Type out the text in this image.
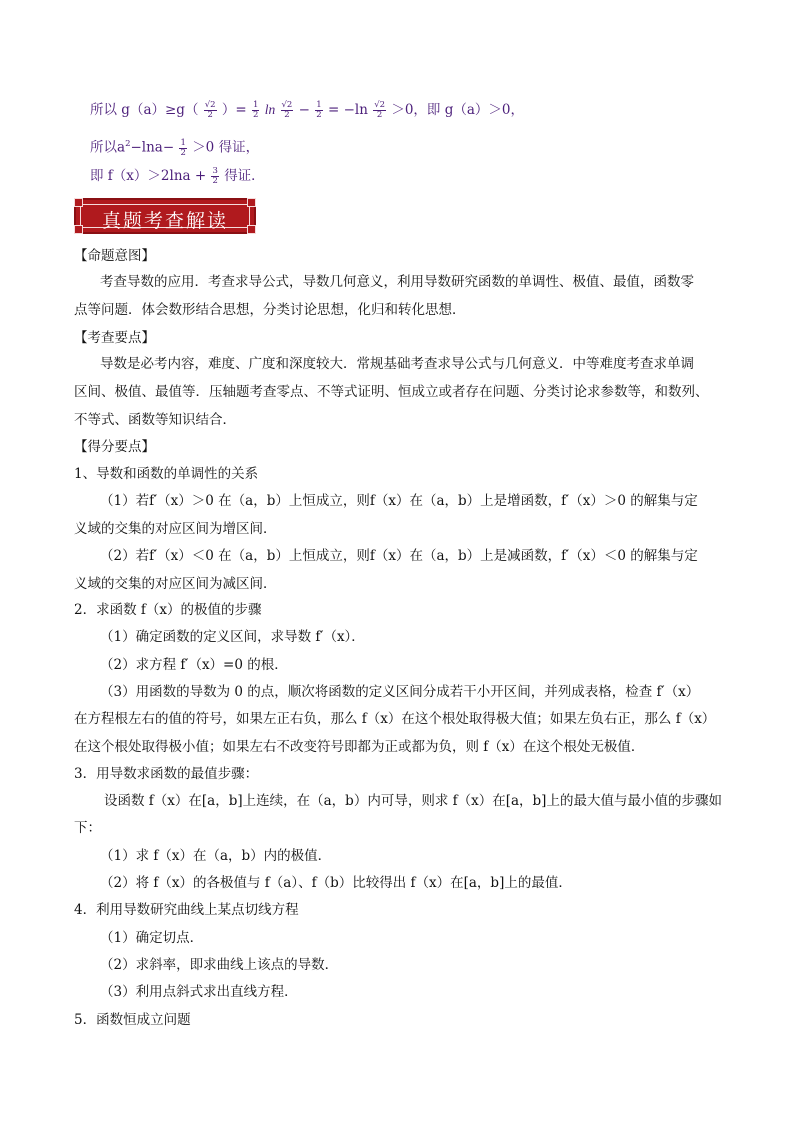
所以 $g(a)\ge g( \frac{√2}{2}$ ）= $\frac{1}{2}$ $\ln \frac{√2}{2} - \frac{1}{2} = -\ln \frac{√2}{2} >0$，即 g（a）＞0，
所以$a^2-\ln a- \frac{1}{2} >0$ 得证，
即 $f(x)>2\ln a + \frac{3}{2}$ 得证．
真题考查解读
【命题意图】
考查导数的应用．考查求导公式，导数几何意义，利用导数研究函数的单调性、极值、最值，函数零
点等问题．体会数形结合思想，分类讨论思想，化归和转化思想．
【考查要点】
导数是必考内容，难度、广度和深度较大．常规基础考查求导公式与几何意义．中等难度考查求单调
区间、极值、最值等．压轴题考查零点、不等式证明、恒成立或者存在问题、分类讨论求参数等，和数列、
不等式、函数等知识结合．
【得分要点】
1、导数和函数的单调性的关系
（1）若f′（x）＞0 在（a，b）上恒成立，则f（x）在（a，b）上是增函数，f′（x）＞0 的解集与定
义域的交集的对应区间为增区间．
（2）若f′（x）＜0 在（a，b）上恒成立，则f（x）在（a，b）上是减函数，f′（x）＜0 的解集与定
义域的交集的对应区间为减区间．
2．求函数 f（x）的极值的步骤
（1）确定函数的定义区间，求导数 f′（x）．
（2）求方程 f′（x）=0 的根．
（3）用函数的导数为 0 的点，顺次将函数的定义区间分成若干小开区间，并列成表格，检查 f′（x）
在方程根左右的值的符号，如果左正右负，那么 f（x）在这个根处取得极大值；如果左负右正，那么 f（x）
在这个根处取得极小值；如果左右不改变符号即都为正或都为负，则 f（x）在这个根处无极值．
3．用导数求函数的最值步骤：
设函数 f（x）在[a，b]上连续，在（a，b）内可导，则求 f（x）在[a，b]上的最大值与最小值的步骤如
下：
（1）求 f（x）在（a，b）内的极值．
（2）将 f（x）的各极值与 f（a）、f（b）比较得出 f（x）在[a，b]上的最值．
4．利用导数研究曲线上某点切线方程
（1）确定切点．
（2）求斜率，即求曲线上该点的导数．
（3）利用点斜式求出直线方程．
5．函数恒成立问题
